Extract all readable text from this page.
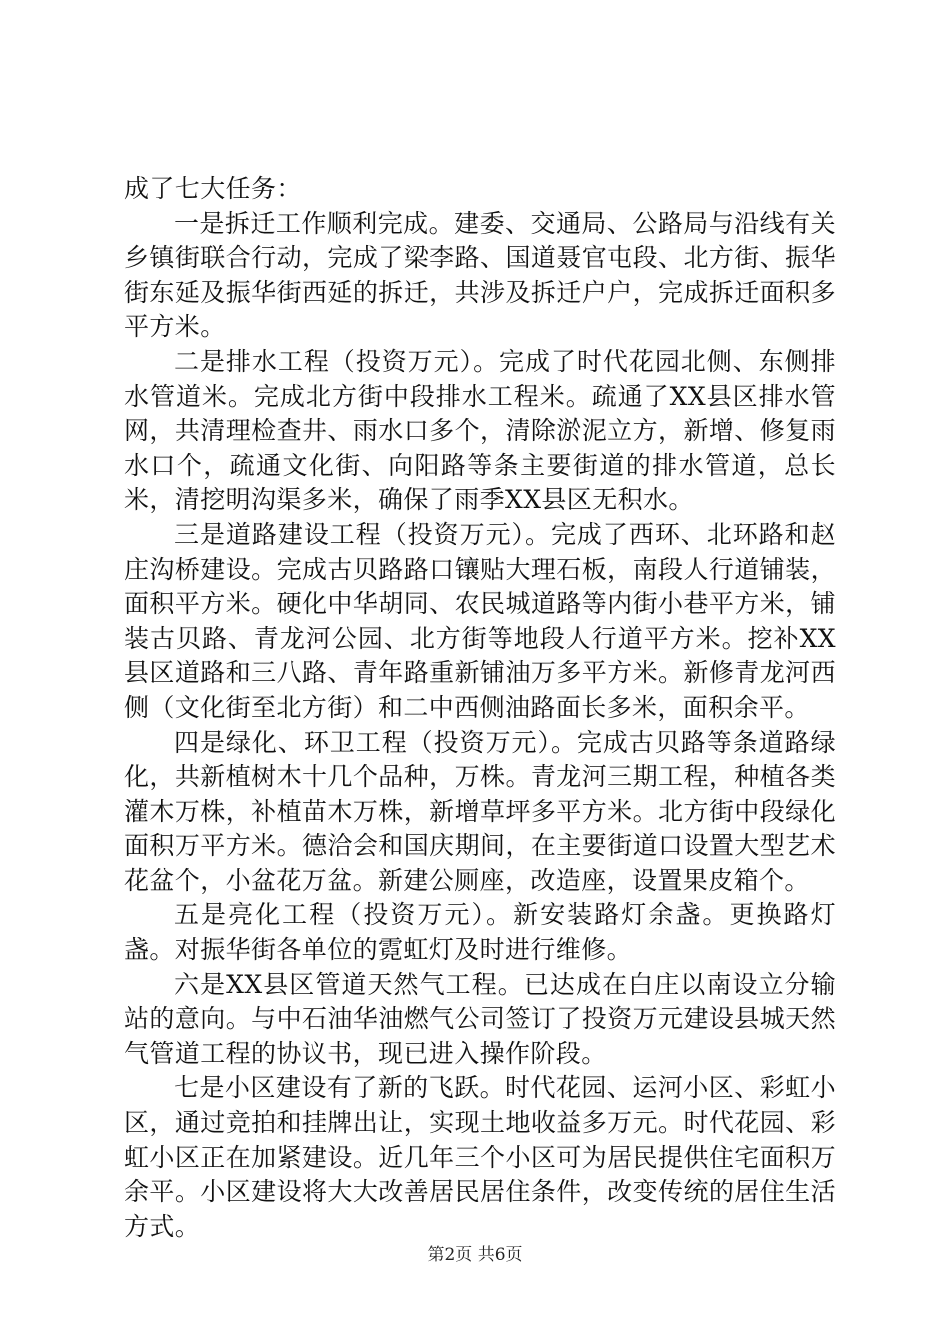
成了七大任务：

一是拆迁工作顺利完成。建委、交通局、公路局与沿线有关乡镇街联合行动，完成了梁李路、国道聂官屯段、北方街、振华街东延及振华街西延的拆迁，共涉及拆迁户户，完成拆迁面积多平方米。

二是排水工程（投资万元）。完成了时代花园北侧、东侧排水管道米。完成北方街中段排水工程米。疏通了XX县区排水管网，共清理检查井、雨水口多个，清除淤泥立方，新增、修复雨水口个，疏通文化街、向阳路等条主要街道的排水管道，总长米，清挖明沟渠多米，确保了雨季XX县区无积水。

三是道路建设工程（投资万元）。完成了西环、北环路和赵庄沟桥建设。完成古贝路路口镶贴大理石板，南段人行道铺装，面积平方米。硬化中华胡同、农民城道路等内街小巷平方米，铺装古贝路、青龙河公园、北方街等地段人行道平方米。挖补XX县区道路和三八路、青年路重新铺油万多平方米。新修青龙河西侧（文化街至北方街）和二中西侧油路面长多米，面积余平。

四是绿化、环卫工程（投资万元）。完成古贝路等条道路绿化，共新植树木十几个品种，万株。青龙河三期工程，种植各类灌木万株，补植苗木万株，新增草坪多平方米。北方街中段绿化面积万平方米。德洽会和国庆期间，在主要街道口设置大型艺术花盆个，小盆花万盆。新建公厕座，改造座，设置果皮箱个。

五是亮化工程（投资万元）。新安装路灯余盏。更换路灯盏。对振华街各单位的霓虹灯及时进行维修。

六是XX县区管道天然气工程。已达成在白庄以南设立分输站的意向。与中石油华油燃气公司签订了投资万元建设县城天然气管道工程的协议书，现已进入操作阶段。

七是小区建设有了新的飞跃。时代花园、运河小区、彩虹小区，通过竞拍和挂牌出让，实现土地收益多万元。时代花园、彩虹小区正在加紧建设。近几年三个小区可为居民提供住宅面积万余平。小区建设将大大改善居民居住条件，改变传统的居住生活方式。

第2页 共6页
